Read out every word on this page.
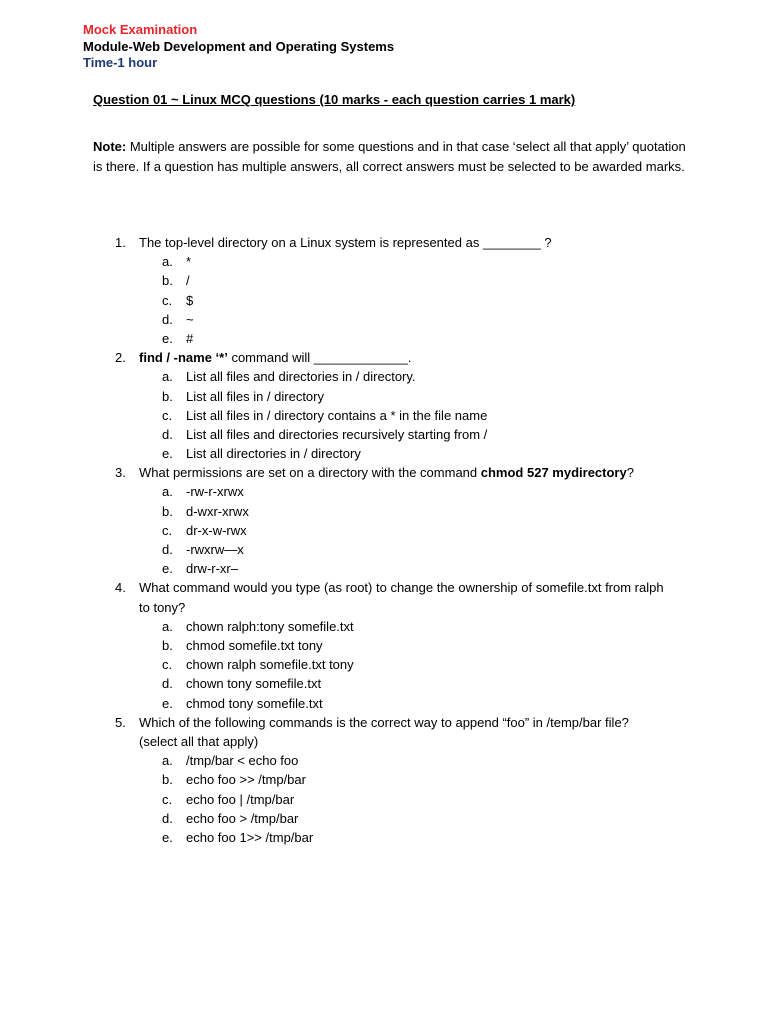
Mock Examination
Module-Web Development and Operating Systems
Time-1 hour
Question 01 ~ Linux MCQ questions (10 marks - each question carries 1 mark)
Note: Multiple answers are possible for some questions and in that case ‘select all that apply’ quotation is there. If a question has multiple answers, all correct answers must be selected to be awarded marks.
1. The top-level directory on a Linux system is represented as ________ ?
a. *
b. /
c. $
d. ~
e. #
2. find / -name ‘*’ command will _____________.
a. List all files and directories in / directory.
b. List all files in / directory
c. List all files in / directory contains a * in the file name
d. List all files and directories recursively starting from /
e. List all directories in / directory
3. What permissions are set on a directory with the command chmod 527 mydirectory?
a. -rw-r-xrwx
b. d-wxr-xrwx
c. dr-x-w-rwx
d. -rwxrw—x
e. drw-r-xr–
4. What command would you type (as root) to change the ownership of somefile.txt from ralph to tony?
a. chown ralph:tony somefile.txt
b. chmod somefile.txt tony
c. chown ralph somefile.txt tony
d. chown tony somefile.txt
e. chmod tony somefile.txt
5. Which of the following commands is the correct way to append “foo” in /temp/bar file? (select all that apply)
a. /tmp/bar < echo foo
b. echo foo >> /tmp/bar
c. echo foo | /tmp/bar
d. echo foo > /tmp/bar
e. echo foo 1>> /tmp/bar
